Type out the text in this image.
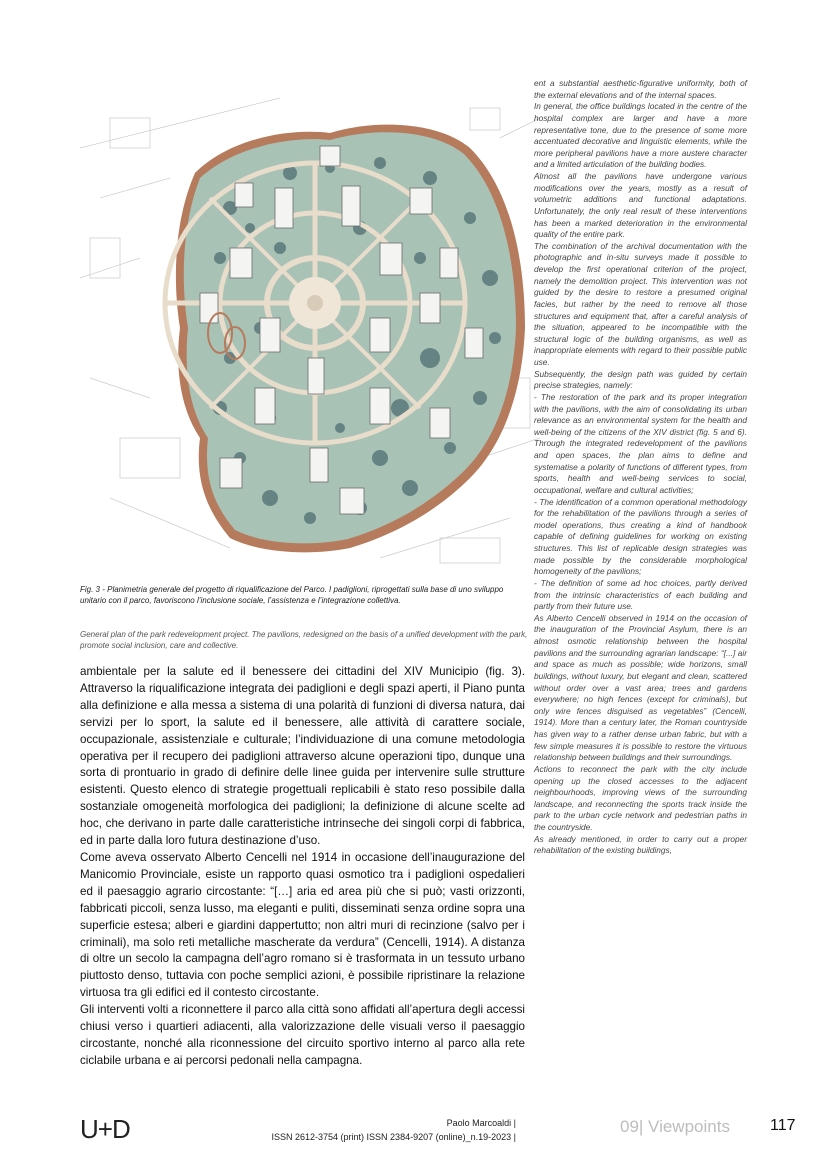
Fig. 3 - Planimetria generale del progetto di riqualificazione del Parco. I padiglioni, riprogettati sulla base di uno sviluppo unitario con il parco, favoriscono l’inclusione sociale, l’assistenza e l’integrazione collettiva.
General plan of the park redevelopment project. The pavilions, redesigned on the basis of a unified development with the park, promote social inclusion, care and collective.

ambientale per la salute ed il benessere dei cittadini del XIV Municipio (fig. 3). Attraverso la riqualificazione integrata dei padiglioni e degli spazi aperti, il Piano punta alla definizione e alla messa a sistema di una polarità di funzioni di diversa natura, dai servizi per lo sport, la salute ed il benessere, alle attività di carattere sociale, occupazionale, assistenziale e culturale; l’individuazione di una comune metodologia operativa per il recupero dei padiglioni attraverso alcune operazioni tipo, dunque una sorta di prontuario in grado di definire delle linee guida per intervenire sulle strutture esistenti. Questo elenco di strategie progettuali replicabili è stato reso possibile dalla sostanziale omogeneità morfologica dei padiglioni; la definizione di alcune scelte ad hoc, che derivano in parte dalle caratteristiche intrinseche dei singoli corpi di fabbrica, ed in parte dalla loro futura destinazione d’uso.

Come aveva osservato Alberto Cencelli nel 1914 in occasione dell’inaugurazione del Manicomio Provinciale, esiste un rapporto quasi osmotico tra i padiglioni ospedalieri ed il paesaggio agrario circostante: “[…] aria ed area più che si può; vasti orizzonti, fabbricati piccoli, senza lusso, ma eleganti e puliti, disseminati senza ordine sopra una superficie estesa; alberi e giardini dappertutto; non altri muri di recinzione (salvo per i criminali), ma solo reti metalliche mascherate da verdura” (Cencelli, 1914). A distanza di oltre un secolo la campagna dell’agro romano si è trasformata in un tessuto urbano piuttosto denso, tuttavia con poche semplici azioni, è possibile ripristinare la relazione virtuosa tra gli edifici ed il contesto circostante.

Gli interventi volti a riconnettere il parco alla città sono affidati all’apertura degli accessi chiusi verso i quartieri adiacenti, alla valorizzazione delle visuali verso il paesaggio circostante, nonché alla riconnessione del circuito sportivo interno al parco alla rete ciclabile urbana e ai percorsi pedonali nella campagna.

ent a substantial aesthetic-figurative uniformity, both of the external elevations and of the internal spaces.

In general, the office buildings located in the centre of the hospital complex are larger and have a more representative tone, due to the presence of some more accentuated decorative and linguistic elements, while the more peripheral pavilions have a more austere character and a limited articulation of the building bodies.

Almost all the pavilions have undergone various modifications over the years, mostly as a result of volumetric additions and functional adaptations. Unfortunately, the only real result of these interventions has been a marked deterioration in the environmental quality of the entire park.

The combination of the archival documentation with the photographic and in-situ surveys made it possible to develop the first operational criterion of the project, namely the demolition project. This intervention was not guided by the desire to restore a presumed original facies, but rather by the need to remove all those structures and equipment that, after a careful analysis of the situation, appeared to be incompatible with the structural logic of the building organisms, as well as inappropriate elements with regard to their possible public use.

Subsequently, the design path was guided by certain precise strategies, namely:

- The restoration of the park and its proper integration with the pavilions, with the aim of consolidating its urban relevance as an environmental system for the health and well-being of the citizens of the XIV district (fig. 5 and 6). Through the integrated redevelopment of the pavilions and open spaces, the plan aims to define and systematise a polarity of functions of different types, from sports, health and well-being services to social, occupational, welfare and cultural activities;

- The identification of a common operational methodology for the rehabilitation of the pavilions through a series of model operations, thus creating a kind of handbook capable of defining guidelines for working on existing structures. This list of replicable design strategies was made possible by the considerable morphological homogeneity of the pavilions;

- The definition of some ad hoc choices, partly derived from the intrinsic characteristics of each building and partly from their future use.

As Alberto Cencelli observed in 1914 on the occasion of the inauguration of the Provincial Asylum, there is an almost osmotic relationship between the hospital pavilions and the surrounding agrarian landscape: “[...] air and space as much as possible; wide horizons, small buildings, without luxury, but elegant and clean, scattered without order over a vast area; trees and gardens everywhere; no high fences (except for criminals), but only wire fences disguised as vegetables” (Cencelli, 1914). More than a century later, the Roman countryside has given way to a rather dense urban fabric, but with a few simple measures it is possible to restore the virtuous relationship between buildings and their surroundings.

Actions to reconnect the park with the city include opening up the closed accesses to the adjacent neighbourhoods, improving views of the surrounding landscape, and reconnecting the sports track inside the park to the urban cycle network and pedestrian paths in the countryside.

As already mentioned, in order to carry out a proper rehabilitation of the existing buildings,

U+D	Paolo Marcoaldi |
ISSN 2612-3754 (print) ISSN 2384-9207 (online)_n.19-2023 |
09| Viewpoints	117
